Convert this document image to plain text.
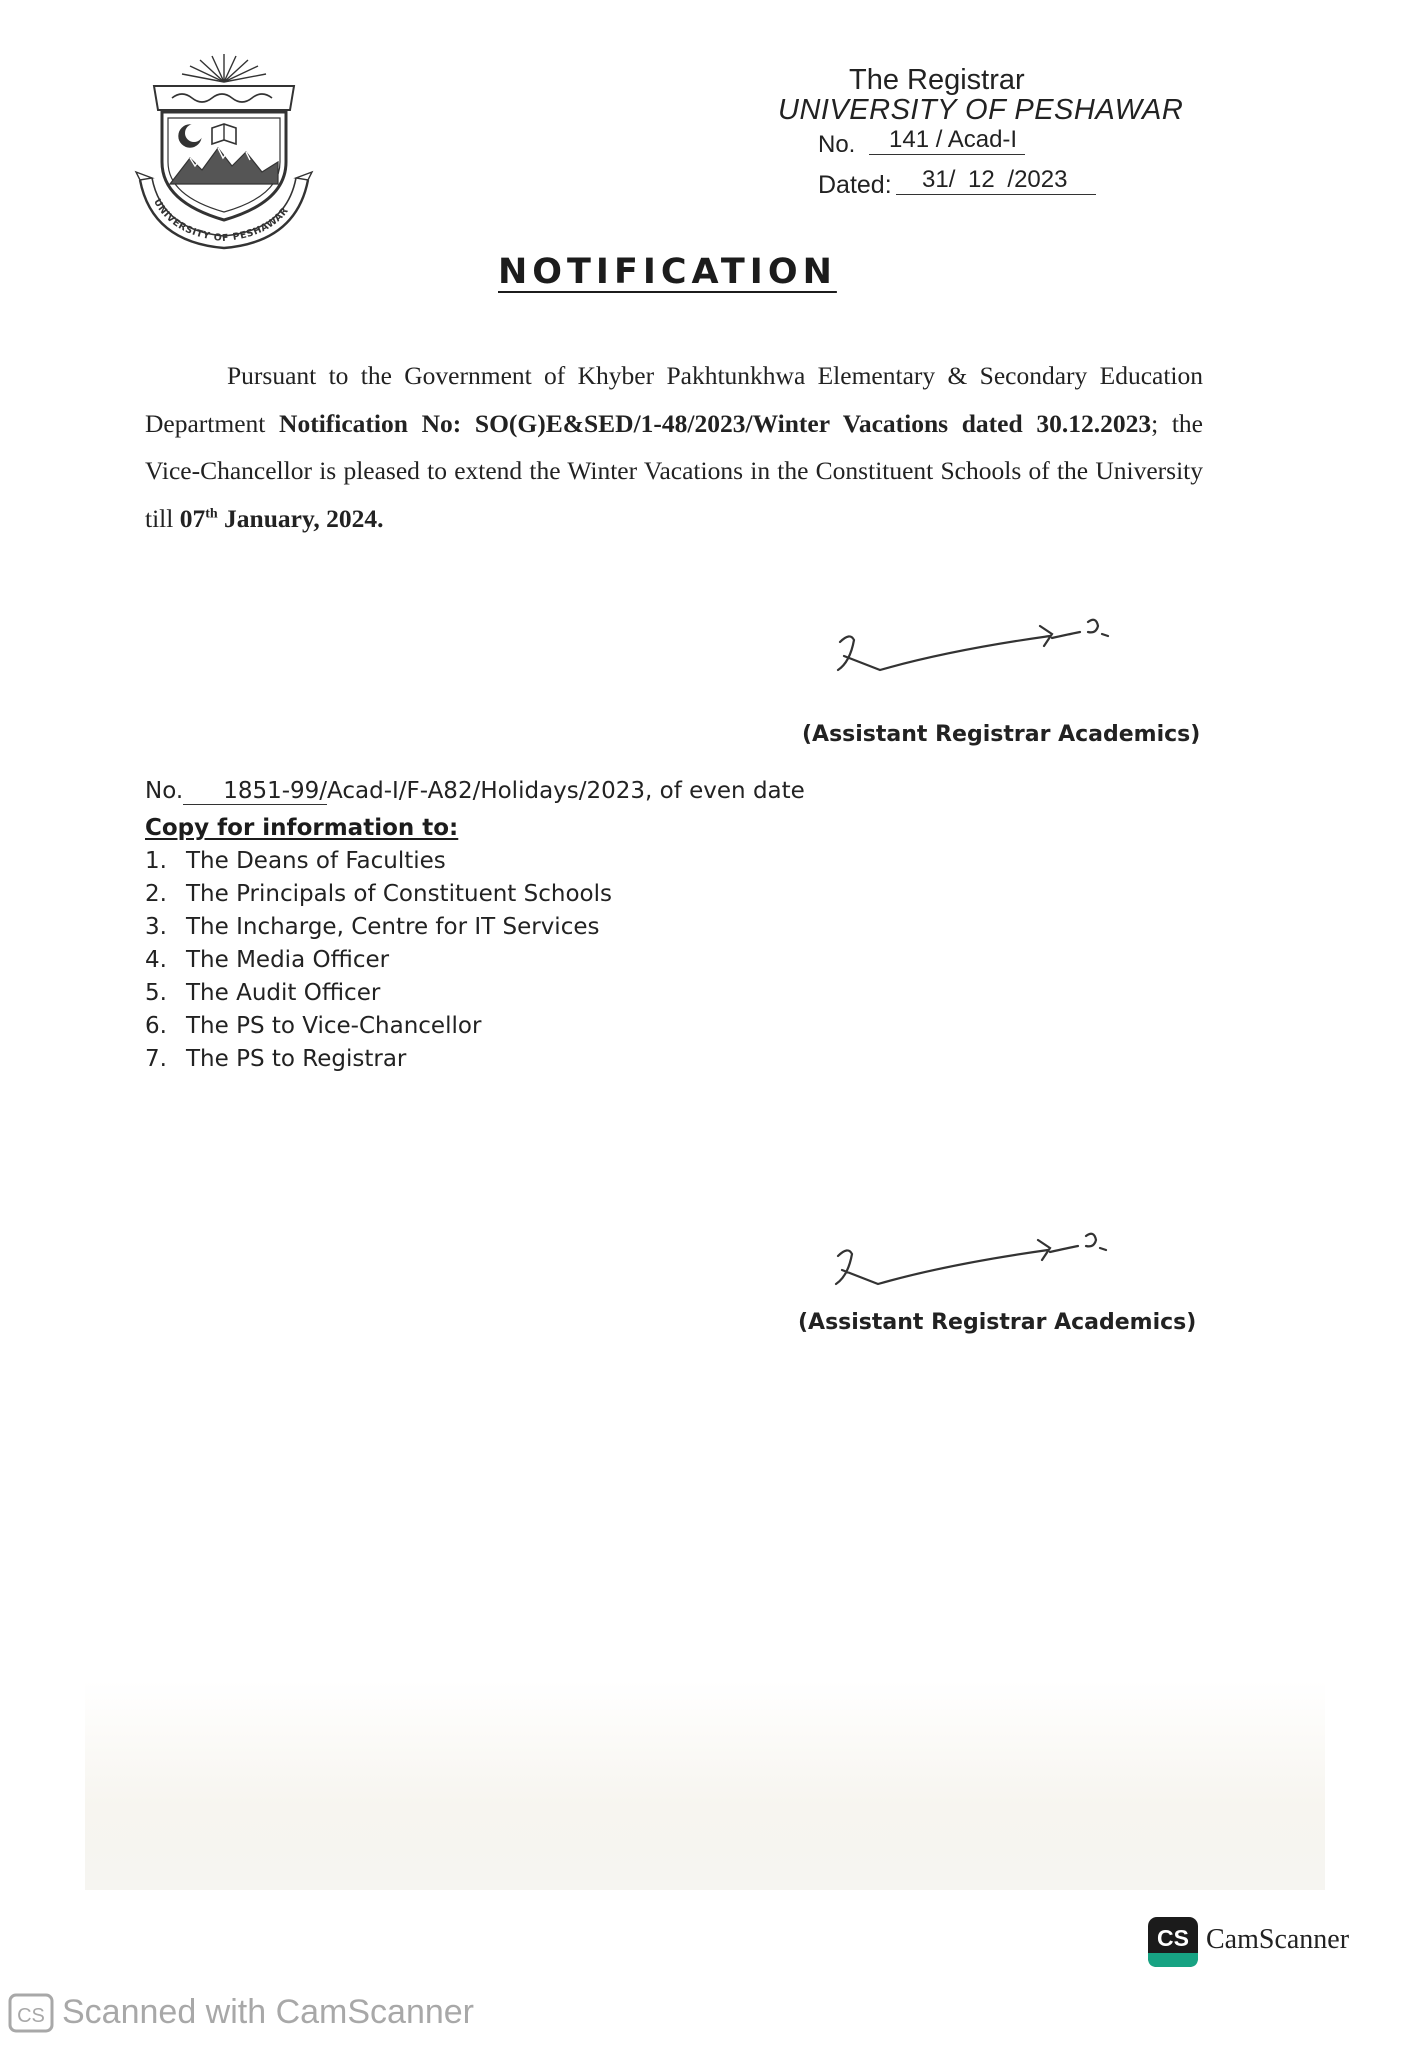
UNIVERSITY OF PESHAWAR
The Registrar
UNIVERSITY OF PESHAWAR
No.	141 / Acad-I
Dated:	31/ 12 /2023
NOTIFICATION
Pursuant to the Government of Khyber Pakhtunkhwa Elementary & Secondary Education Department Notification No: SO(G)E&SED/1-48/2023/Winter Vacations dated 30.12.2023; the Vice-Chancellor is pleased to extend the Winter Vacations in the Constituent Schools of the University till 07th January, 2024.
(Assistant Registrar Academics)
No. 1851-99/Acad-I/F-A82/Holidays/2023, of even date
Copy for information to:
1. The Deans of Faculties
2. The Principals of Constituent Schools
3. The Incharge, Centre for IT Services
4. The Media Officer
5. The Audit Officer
6. The PS to Vice-Chancellor
7. The PS to Registrar
(Assistant Registrar Academics)
CS CamScanner
CS Scanned with CamScanner
